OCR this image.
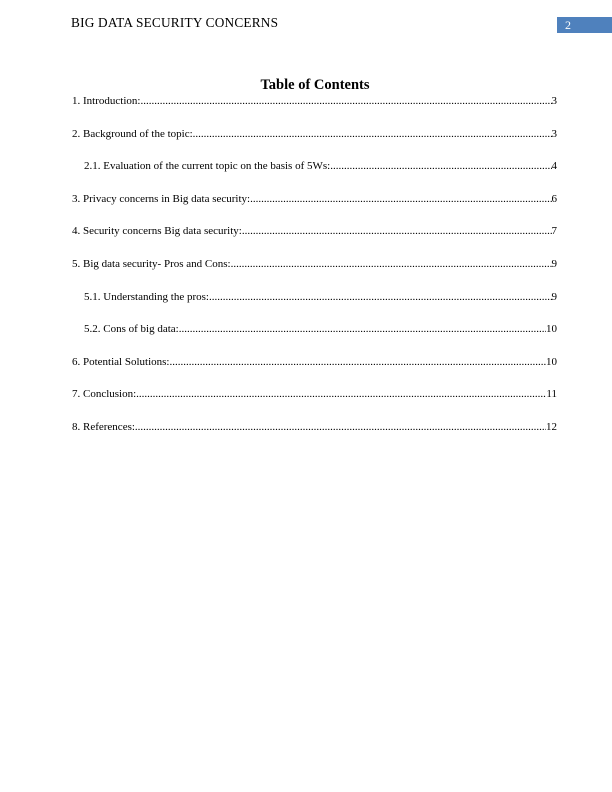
BIG DATA SECURITY CONCERNS	2
Table of Contents
1. Introduction: .....	3
2. Background of the topic: .....	3
2.1. Evaluation of the current topic on the basis of 5Ws: .....	4
3. Privacy concerns in Big data security: .....	6
4. Security concerns Big data security: .....	7
5. Big data security- Pros and Cons: .....	9
5.1. Understanding the pros: .....	9
5.2. Cons of big data: .....	10
6. Potential Solutions: .....	10
7. Conclusion: .....	11
8. References: .....	12
